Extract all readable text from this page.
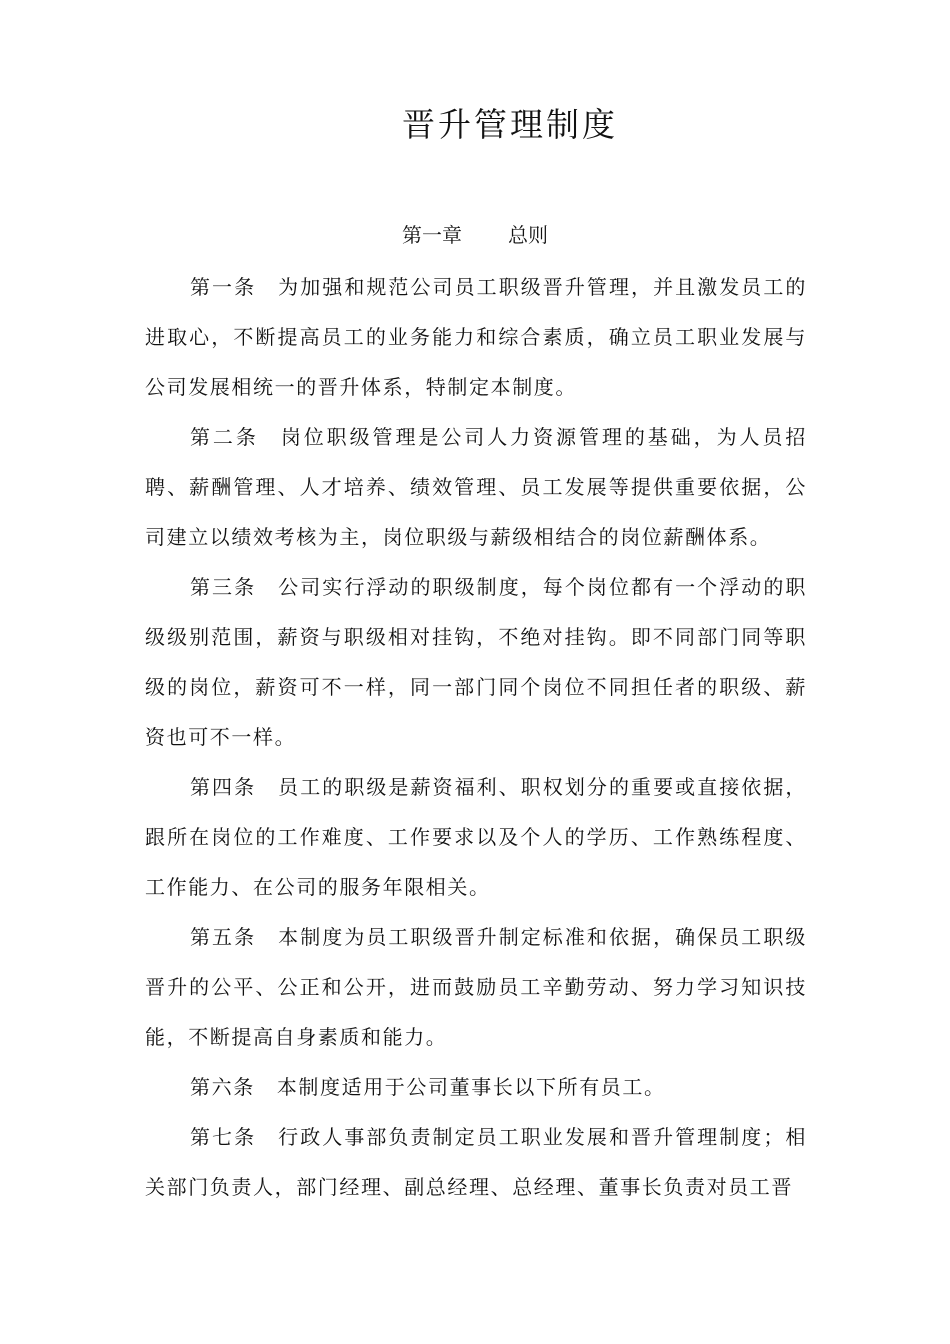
晋升管理制度

第一章 总则

第一条 为加强和规范公司员工职级晋升管理，并且激发员工的进取心，不断提高员工的业务能力和综合素质，确立员工职业发展与公司发展相统一的晋升体系，特制定本制度。

第二条 岗位职级管理是公司人力资源管理的基础，为人员招聘、薪酬管理、人才培养、绩效管理、员工发展等提供重要依据，公司建立以绩效考核为主，岗位职级与薪级相结合的岗位薪酬体系。

第三条 公司实行浮动的职级制度，每个岗位都有一个浮动的职级级别范围，薪资与职级相对挂钩，不绝对挂钩。即不同部门同等职级的岗位，薪资可不一样，同一部门同个岗位不同担任者的职级、薪资也可不一样。

第四条 员工的职级是薪资福利、职权划分的重要或直接依据，跟所在岗位的工作难度、工作要求以及个人的学历、工作熟练程度、工作能力、在公司的服务年限相关。

第五条 本制度为员工职级晋升制定标准和依据，确保员工职级晋升的公平、公正和公开，进而鼓励员工辛勤劳动、努力学习知识技能，不断提高自身素质和能力。

第六条 本制度适用于公司董事长以下所有员工。

第七条 行政人事部负责制定员工职业发展和晋升管理制度；相关部门负责人，部门经理、副总经理、总经理、董事长负责对员工晋
